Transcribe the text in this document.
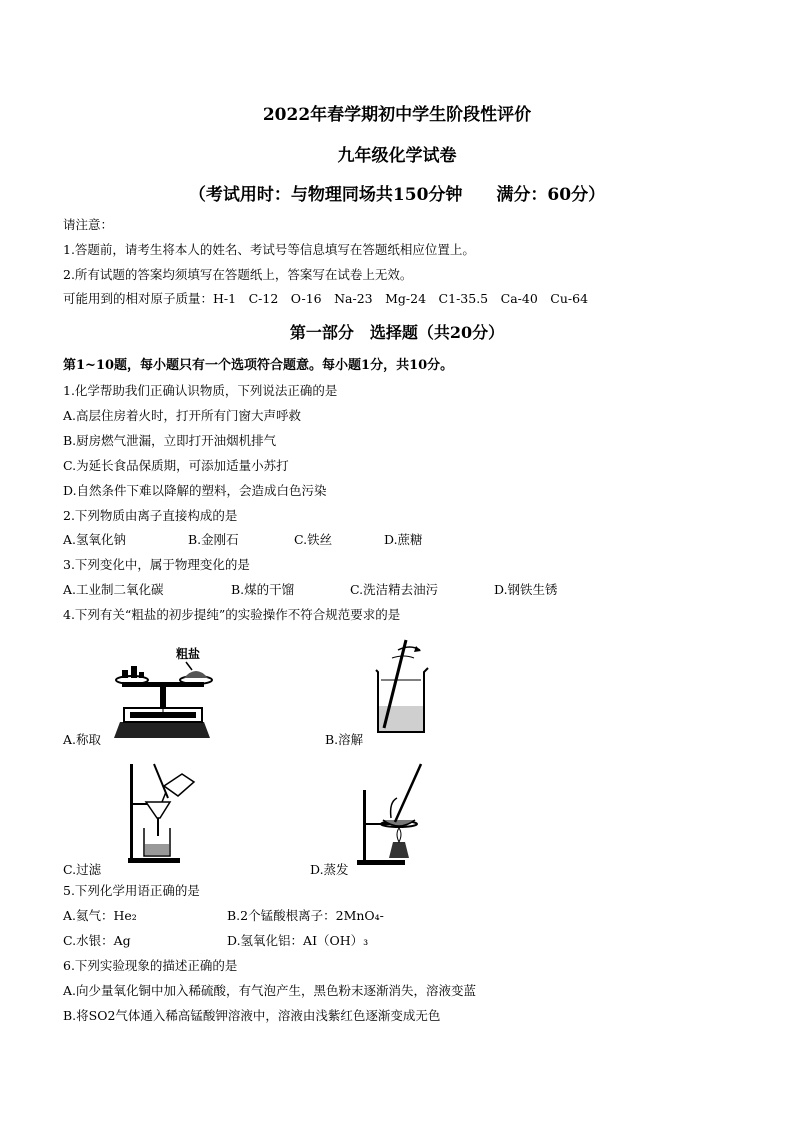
2022年春学期初中学生阶段性评价
九年级化学试卷
（考试用时：与物理同场共150分钟 满分：60分）
请注意：
1.答题前，请考生将本人的姓名、考试号等信息填写在答题纸相应位置上。
2.所有试题的答案均须填写在答题纸上，答案写在试卷上无效。
可能用到的相对原子质量：H-1　C-12　O-16　Na-23　Mg-24　C1-35.5　Ca-40　Cu-64
第一部分　选择题（共20分）
第1~10题，每小题只有一个选项符合题意。每小题1分，共10分。
1.化学帮助我们正确认识物质，下列说法正确的是
A.高层住房着火时，打开所有门窗大声呼救
B.厨房燃气泄漏，立即打开油烟机排气
C.为延长食品保质期，可添加适量小苏打
D.自然条件下难以降解的塑料，会造成白色污染
2.下列物质由离子直接构成的是
A.氢氧化钠	B.金刚石	C.铁丝	D.蔗糖
3.下列变化中，属于物理变化的是
A.工业制二氧化碳	B.煤的干馏	C.洗洁精去油污	D.钢铁生锈
4.下列有关“粗盐的初步提纯”的实验操作不符合规范要求的是
粗盐
A.称取	B.溶解
C.过滤	D.蒸发
5.下列化学用语正确的是
A.氦气：He₂	B.2个锰酸根离子：2MnO₄-
C.水银：Ag	D.氢氧化铝：AI（OH）₃
6.下列实验现象的描述正确的是
A.向少量氧化铜中加入稀硫酸，有气泡产生，黑色粉末逐渐消失，溶液变蓝
B.将SO2气体通入稀高锰酸钾溶液中，溶液由浅紫红色逐渐变成无色
